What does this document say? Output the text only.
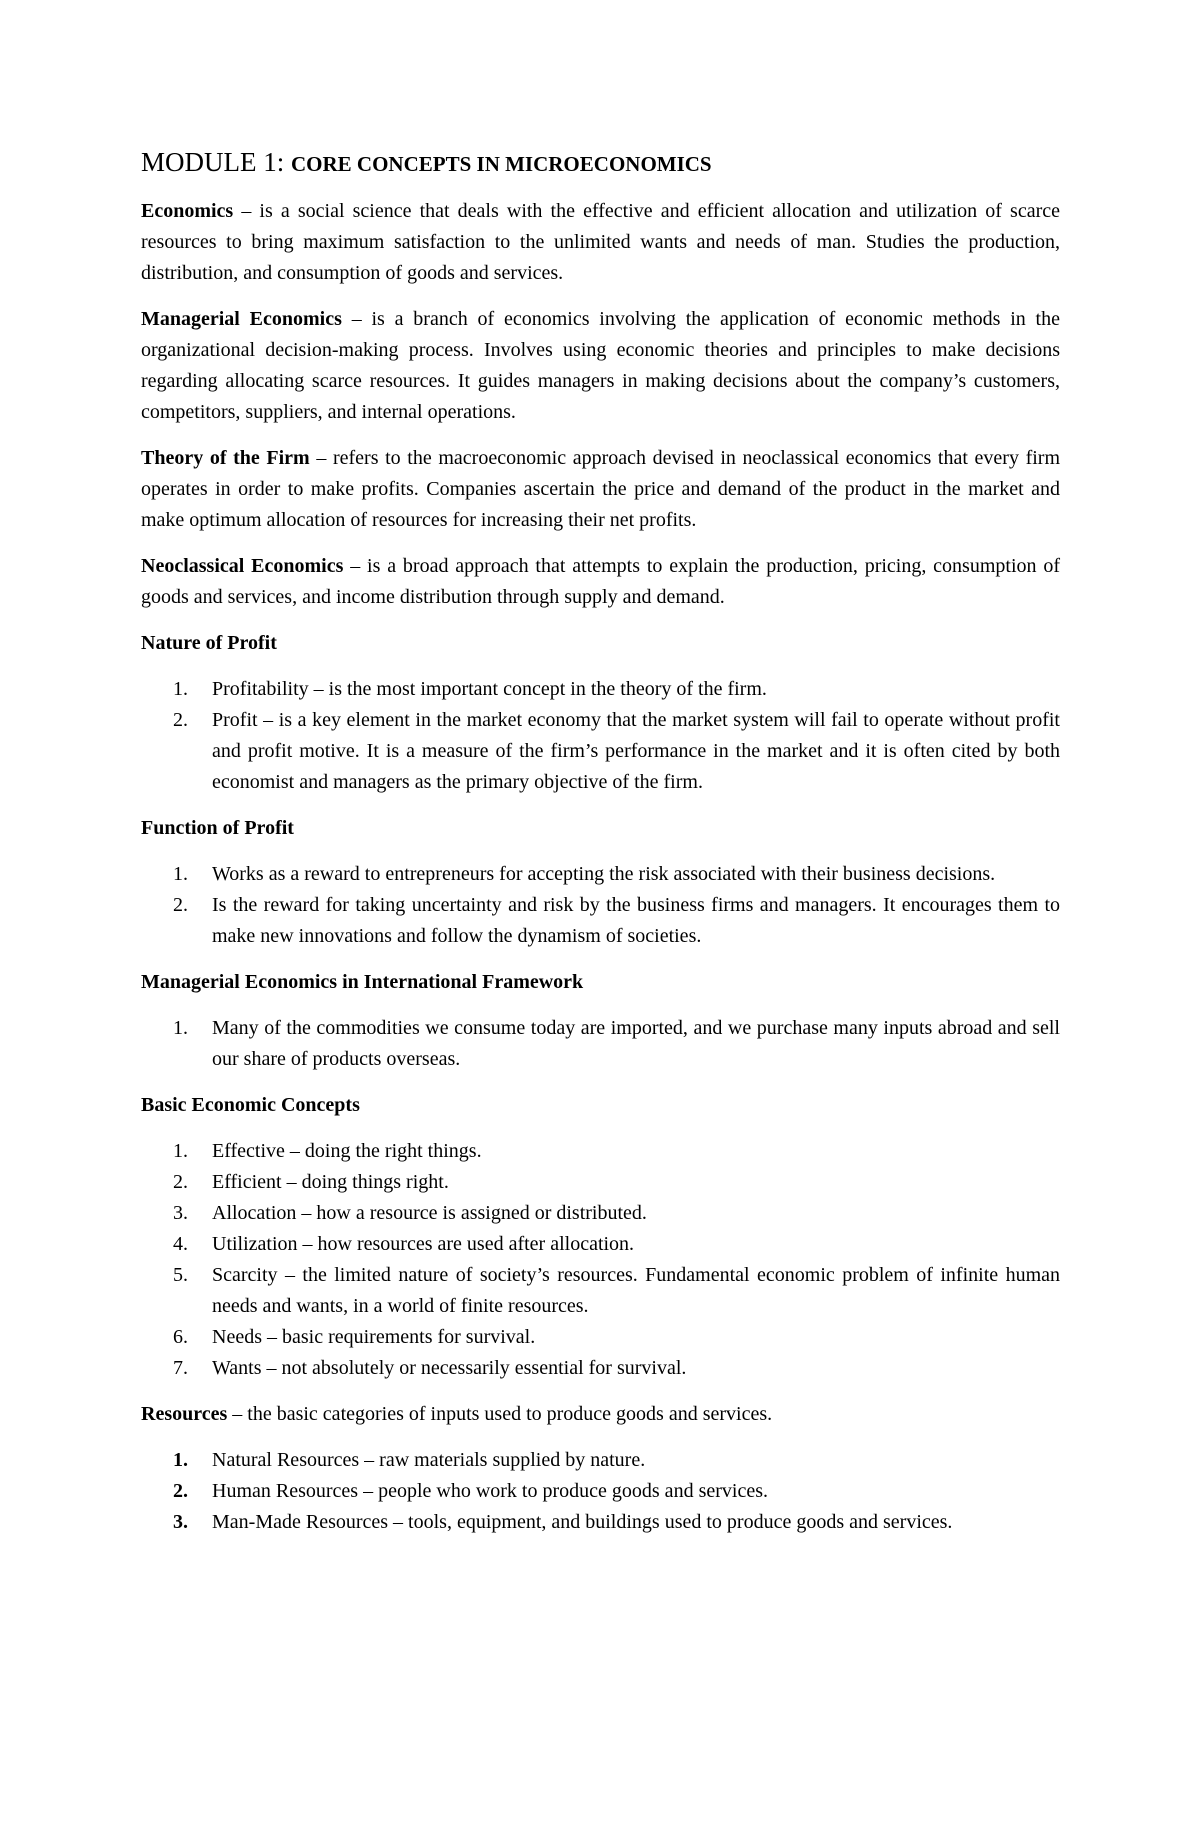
MODULE 1: CORE CONCEPTS IN MICROECONOMICS

Economics – is a social science that deals with the effective and efficient allocation and utilization of scarce resources to bring maximum satisfaction to the unlimited wants and needs of man. Studies the production, distribution, and consumption of goods and services.

Managerial Economics – is a branch of economics involving the application of economic methods in the organizational decision-making process. Involves using economic theories and principles to make decisions regarding allocating scarce resources. It guides managers in making decisions about the company’s customers, competitors, suppliers, and internal operations.

Theory of the Firm – refers to the macroeconomic approach devised in neoclassical economics that every firm operates in order to make profits. Companies ascertain the price and demand of the product in the market and make optimum allocation of resources for increasing their net profits.

Neoclassical Economics – is a broad approach that attempts to explain the production, pricing, consumption of goods and services, and income distribution through supply and demand.

Nature of Profit
1. Profitability – is the most important concept in the theory of the firm.
2. Profit – is a key element in the market economy that the market system will fail to operate without profit and profit motive. It is a measure of the firm’s performance in the market and it is often cited by both economist and managers as the primary objective of the firm.
Function of Profit
1. Works as a reward to entrepreneurs for accepting the risk associated with their business decisions.
2. Is the reward for taking uncertainty and risk by the business firms and managers. It encourages them to make new innovations and follow the dynamism of societies.
Managerial Economics in International Framework
1. Many of the commodities we consume today are imported, and we purchase many inputs abroad and sell our share of products overseas.
Basic Economic Concepts
1. Effective – doing the right things.
2. Efficient – doing things right.
3. Allocation – how a resource is assigned or distributed.
4. Utilization – how resources are used after allocation.
5. Scarcity – the limited nature of society’s resources. Fundamental economic problem of infinite human needs and wants, in a world of finite resources.
6. Needs – basic requirements for survival.
7. Wants – not absolutely or necessarily essential for survival.

Resources – the basic categories of inputs used to produce goods and services.

1. Natural Resources – raw materials supplied by nature.
2. Human Resources – people who work to produce goods and services.
3. Man-Made Resources – tools, equipment, and buildings used to produce goods and services.
